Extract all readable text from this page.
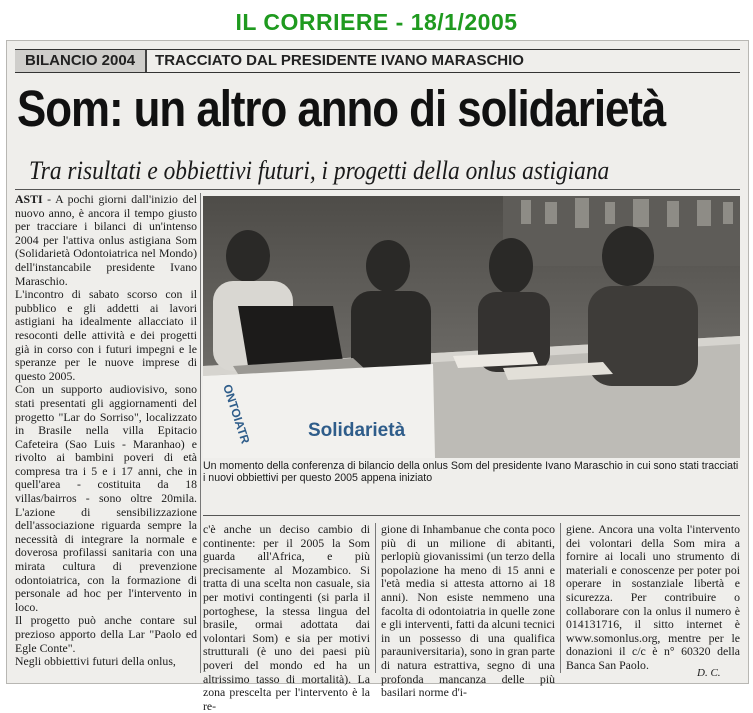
IL CORRIERE - 18/1/2005
BILANCIO 2004 TRACCIATO DAL PRESIDENTE IVANO MARASCHIO
Som: un altro anno di solidarietà
Tra risultati e obbiettivi futuri, i progetti della onlus astigiana

ASTI - A pochi giorni dall'inizio del nuovo anno, è ancora il tempo giusto per tracciare i bilanci di un'intenso 2004 per l'attiva onlus astigiana Som (Solidarietà Odontoiatrica nel Mondo) dell'instancabile presidente Ivano Maraschio.

L'incontro di sabato scorso con il pubblico e gli addetti ai lavori astigiani ha idealmente allacciato il resoconti delle attività e dei progetti già in corso con i futuri impegni e le speranze per le nuove imprese di questo 2005.

Con un supporto audiovisivo, sono stati presentati gli aggiornamenti del progetto "Lar do Sorriso", localizzato in Brasile nella villa Epitacio Cafeteira (Sao Luis - Maranhao) e rivolto ai bambini poveri di età compresa tra i 5 e i 17 anni, che in quell'area - costituita da 18 villas/bairros - sono oltre 20mila. L'azione di sensibilizzazione dell'associazione riguarda sempre la necessità di integrare la normale e doverosa profilassi sanitaria con una mirata cultura di prevenzione odontoiatrica, con la formazione di personale ad hoc per l'intervento in loco.

Il progetto può anche contare sul prezioso apporto della Lar "Paolo ed Egle Conte".

Negli obbiettivi futuri della onlus,

Solidarietà
ONTOIATR
Un momento della conferenza di bilancio della onlus Som del presidente Ivano Maraschio in cui sono stati tracciati i nuovi obbiettivi per questo 2005 appena iniziato
c'è anche un deciso cambio di continente: per il 2005 la Som guarda all'Africa, e più precisamente al Mozambico. Si tratta di una scelta non casuale, sia per motivi contingenti (si parla il portoghese, la stessa lingua del brasile, ormai adottata dai volontari Som) e sia per motivi strutturali (è uno dei paesi più poveri del mondo ed ha un altrissimo tasso di mortalità). La zona prescelta per l'intervento è la re-
gione di Inhambanue che conta poco più di un milione di abitanti, perlopiù giovanissimi (un terzo della popolazione ha meno di 15 anni e l'età media si attesta attorno ai 18 anni). Non esiste nemmeno una facolta di odontoiatria in quelle zone e gli interventi, fatti da alcuni tecnici in un possesso di una qualifica parauniversitaria), sono in gran parte di natura estrattiva, segno di una profonda mancanza delle più basilari norme d'i-
giene. Ancora una volta l'intervento dei volontari della Som mira a fornire ai locali uno strumento di materiali e conoscenze per poter poi operare in sostanziale libertà e sicurezza. Per contribuire o collaborare con la onlus il numero è 014131716, il sitto internet è www.somonlus.org, mentre per le donazioni il c/c è n° 60320 della Banca San Paolo.
D. C.
